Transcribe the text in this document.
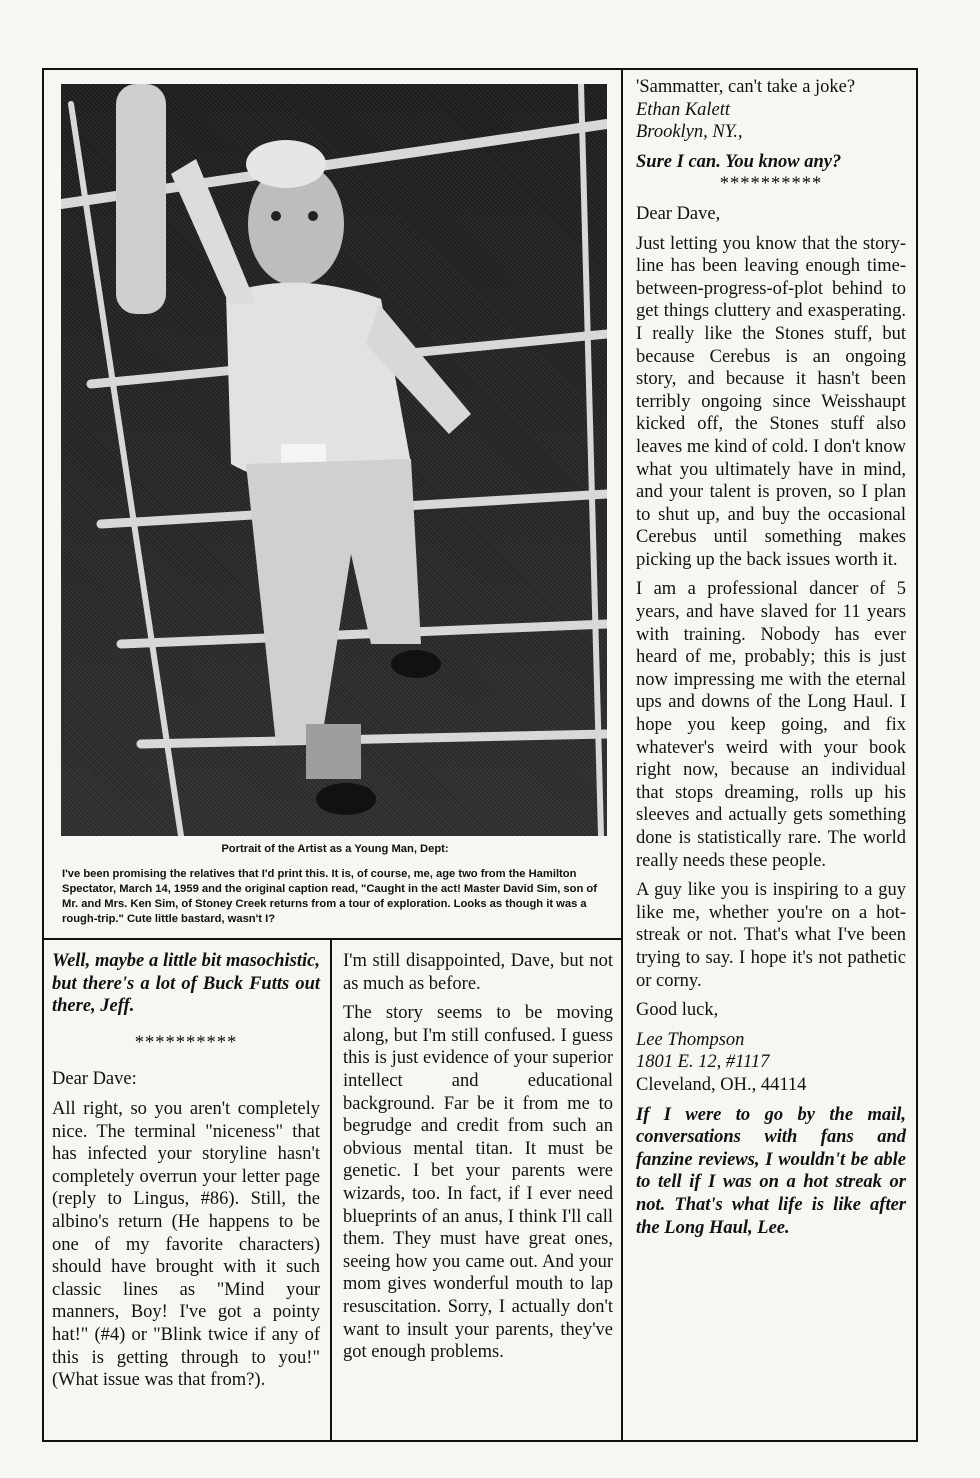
Portrait of the Artist as a Young Man, Dept:
I've been promising the relatives that I'd print this. It is, of course, me, age two from the Hamilton Spectator, March 14, 1959 and the original caption read, "Caught in the act! Master David Sim, son of Mr. and Mrs. Ken Sim, of Stoney Creek returns from a tour of exploration. Looks as though it was a rough-trip." Cute little bastard, wasn't I?

Well, maybe a little bit masochistic, but there's a lot of Buck Futts out there, Jeff.

**********

Dear Dave:

All right, so you aren't completely nice. The terminal "niceness" that has infected your storyline hasn't completely overrun your letter page (reply to Lingus, #86). Still, the albino's return (He happens to be one of my favorite characters) should have brought with it such classic lines as "Mind your manners, Boy! I've got a pointy hat!" (#4) or "Blink twice if any of this is getting through to you!" (What issue was that from?).

I'm still disappointed, Dave, but not as much as before.

The story seems to be moving along, but I'm still confused. I guess this is just evidence of your superior intellect and educational background. Far be it from me to begrudge and credit from such an obvious mental titan. It must be genetic. I bet your parents were wizards, too. In fact, if I ever need blueprints of an anus, I think I'll call them. They must have great ones, seeing how you came out. And your mom gives wonderful mouth to lap resuscitation. Sorry, I actually don't want to insult your parents, they've got enough problems.

'Sammatter, can't take a joke?

Ethan Kalett

Brooklyn, NY.,

Sure I can. You know any?

**********

Dear Dave,

Just letting you know that the story-line has been leaving enough time-between-progress-of-plot behind to get things cluttery and exasperating. I really like the Stones stuff, but because Cerebus is an ongoing story, and because it hasn't been terribly ongoing since Weisshaupt kicked off, the Stones stuff also leaves me kind of cold. I don't know what you ultimately have in mind, and your talent is proven, so I plan to shut up, and buy the occasional Cerebus until something makes picking up the back issues worth it.

I am a professional dancer of 5 years, and have slaved for 11 years with training. Nobody has ever heard of me, probably; this is just now impressing me with the eternal ups and downs of the Long Haul. I hope you keep going, and fix whatever's weird with your book right now, because an individual that stops dreaming, rolls up his sleeves and actually gets something done is statistically rare. The world really needs these people.

A guy like you is inspiring to a guy like me, whether you're on a hot-streak or not. That's what I've been trying to say. I hope it's not pathetic or corny.

Good luck,

Lee Thompson

1801 E. 12, #1117

Cleveland, OH., 44114

If I were to go by the mail, conversations with fans and fanzine reviews, I wouldn't be able to tell if I was on a hot streak or not. That's what life is like after the Long Haul, Lee.
